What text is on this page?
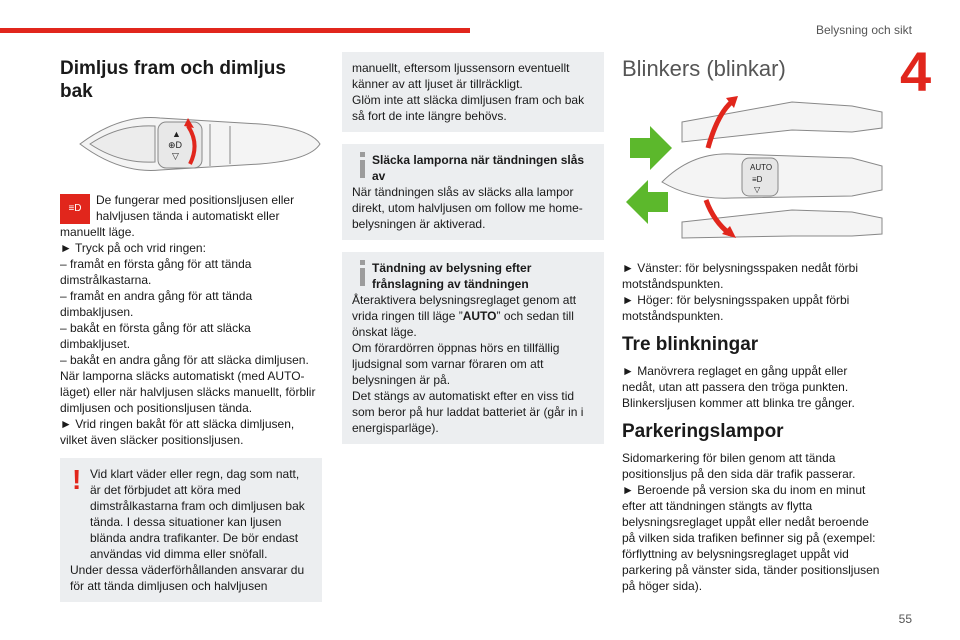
Belysning och sikt
4
55
Dimljus fram och dimljus bak
▲
⊕D
▽
≡D

De fungerar med positionsljusen eller halvljusen tända i automatiskt eller manuellt läge.

► Tryck på och vrid ringen:

– framåt en första gång för att tända dimstrålkastarna.

– framåt en andra gång för att tända dimbakljusen.

– bakåt en första gång för att släcka dimbakljuset.

– bakåt en andra gång för att släcka dimljusen.

När lamporna släcks automatiskt (med AUTO-läget) eller när halvljusen släcks manuellt, förblir dimljusen och positionsljusen tända.

► Vrid ringen bakåt för att släcka dimljusen, vilket även släcker positionsljusen.

! Vid klart väder eller regn, dag som natt, är det förbjudet att köra med dimstrålkastarna fram och dimljusen bak tända. I dessa situationer kan ljusen blända andra trafikanter. De bör endast användas vid dimma eller snöfall.

Under dessa väderförhållanden ansvarar du för att tända dimljusen och halvljusen

manuellt, eftersom ljussensorn eventuellt känner av att ljuset är tillräckligt.

Glöm inte att släcka dimljusen fram och bak så fort de inte längre behövs.

Släcka lamporna när tändningen slås av

När tändningen slås av släcks alla lampor direkt, utom halvljusen om follow me home-belysningen är aktiverad.

Tändning av belysning efter frånslagning av tändningen

Återaktivera belysningsreglaget genom att vrida ringen till läge ”AUTO” och sedan till önskat läge.

Om förardörren öppnas hörs en tillfällig ljudsignal som varnar föraren om att belysningen är på.

Det stängs av automatiskt efter en viss tid som beror på hur laddat batteriet är (går in i energisparläge).

Blinkers (blinkar)
AUTO
≡D
▽

► Vänster: för belysningsspaken nedåt förbi motståndspunkten.

► Höger: för belysningsspaken uppåt förbi motståndspunkten.

Tre blinkningar

► Manövrera reglaget en gång uppåt eller nedåt, utan att passera den tröga punkten. Blinkersljusen kommer att blinka tre gånger.

Parkeringslampor

Sidomarkering för bilen genom att tända positionsljus på den sida där trafik passerar.

► Beroende på version ska du inom en minut efter att tändningen stängts av flytta belysningsreglaget uppåt eller nedåt beroende på vilken sida trafiken befinner sig på (exempel: förflyttning av belysningsreglaget uppåt vid parkering på vänster sida, tänder positionsljusen på höger sida).
